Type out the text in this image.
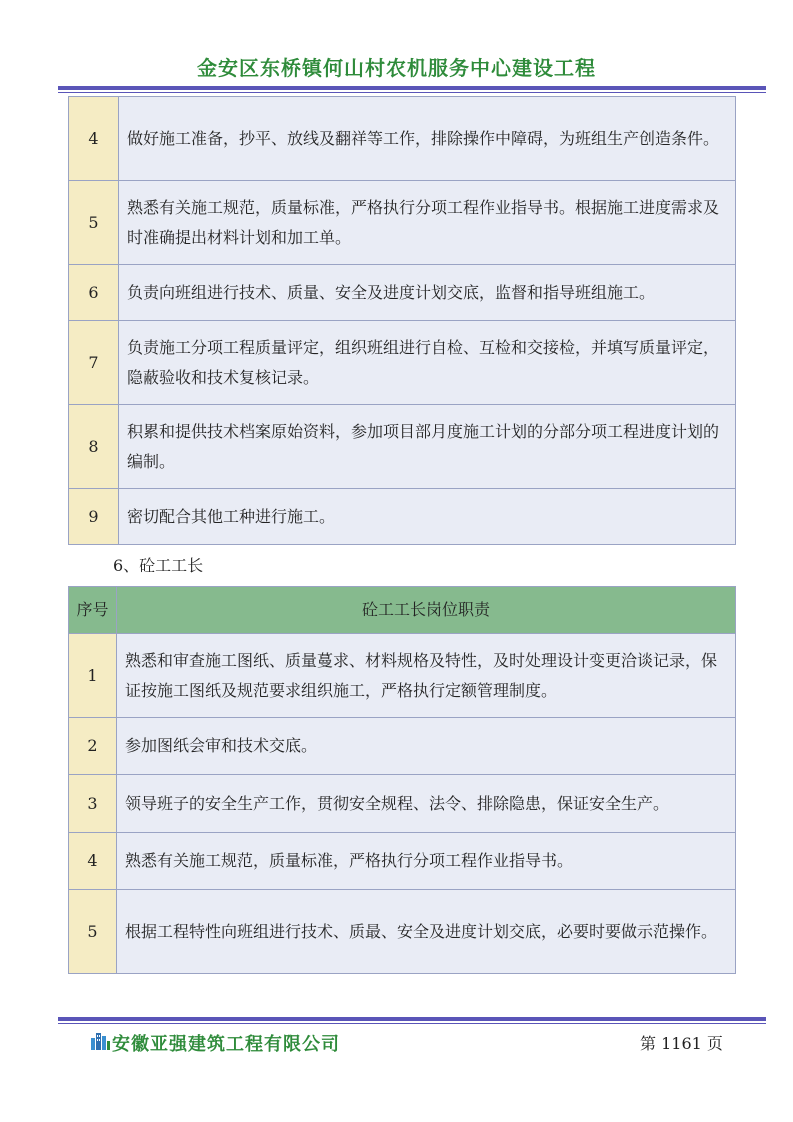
金安区东桥镇何山村农机服务中心建设工程
4	做好施工准备，抄平、放线及翻祥等工作，排除操作中障碍，为班组生产创造条件。
5	熟悉有关施工规范，质量标准，严格执行分项工程作业指导书。根据施工进度需求及时准确提出材料计划和加工单。
6	负责向班组进行技术、质量、安全及进度计划交底，监督和指导班组施工。
7	负责施工分项工程质量评定，组织班组进行自检、互检和交接检，并填写质量评定，隐蔽验收和技术复核记录。
8	积累和提供技术档案原始资料，参加项目部月度施工计划的分部分项工程进度计划的编制。
9	密切配合其他工种进行施工。
6、砼工工长
序号	砼工工长岗位职责
1	熟悉和审查施工图纸、质量蔓求、材料规格及特性，及时处理设计变更洽谈记录，保证按施工图纸及规范要求组织施工，严格执行定额管理制度。
2	参加图纸会审和技术交底。
3	领导班子的安全生产工作，贯彻安全规程、法令、排除隐患，保证安全生产。
4	熟悉有关施工规范，质量标准，严格执行分项工程作业指导书。
5	根据工程特性向班组进行技术、质最、安全及进度计划交底，必要时要做示范操作。
安徽亚强建筑工程有限公司	第 1161 页
